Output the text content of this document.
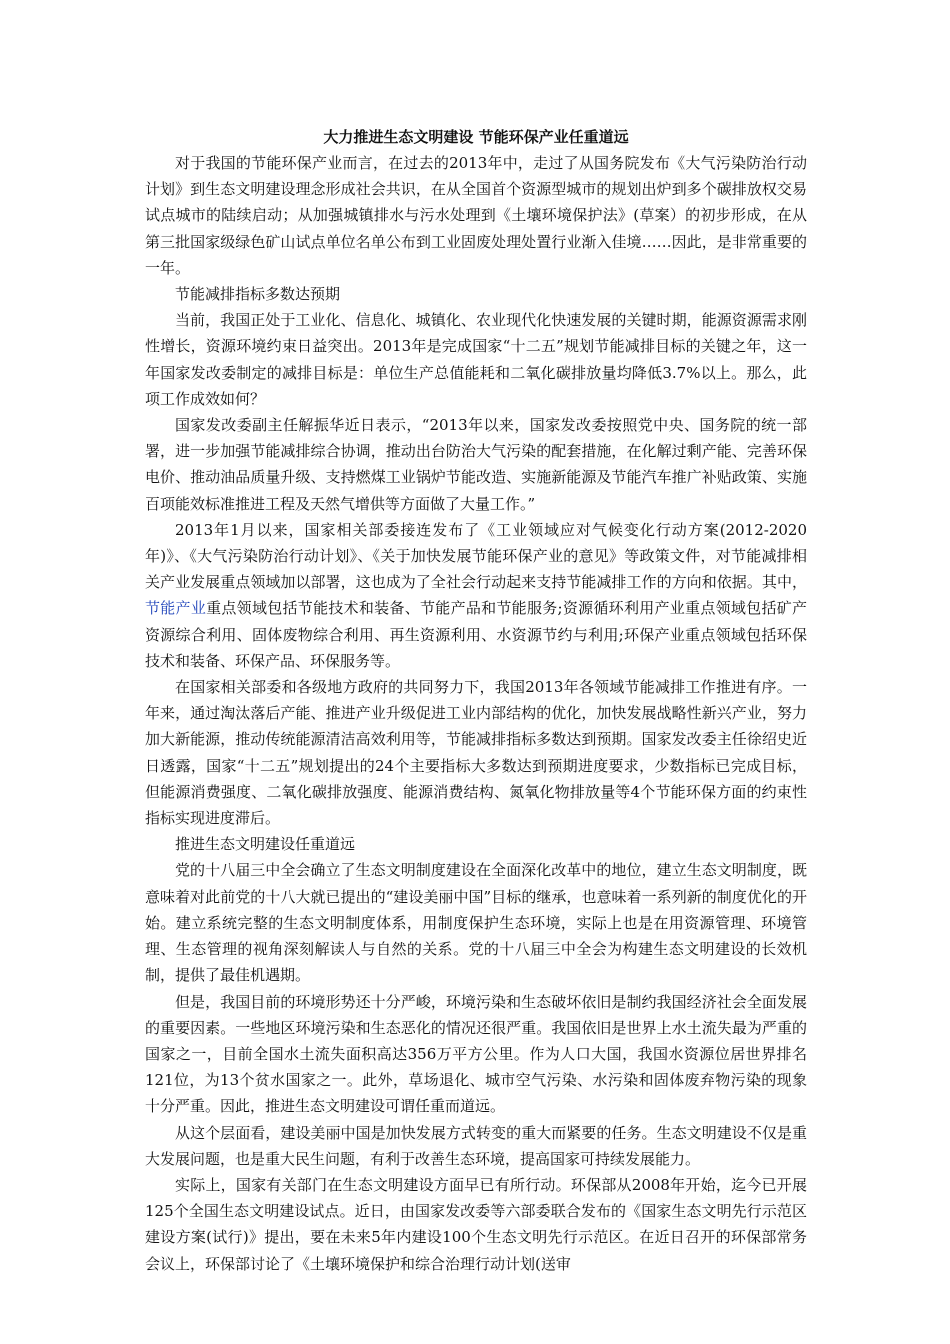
大力推进生态文明建设 节能环保产业任重道远

对于我国的节能环保产业而言，在过去的2013年中，走过了从国务院发布《大气污染防治行动计划》到生态文明建设理念形成社会共识，在从全国首个资源型城市的规划出炉到多个碳排放权交易试点城市的陆续启动；从加强城镇排水与污水处理到《土壤环境保护法》(草案）的初步形成，在从第三批国家级绿色矿山试点单位名单公布到工业固废处理处置行业渐入佳境……因此，是非常重要的一年。

节能减排指标多数达预期

当前，我国正处于工业化、信息化、城镇化、农业现代化快速发展的关键时期，能源资源需求刚性增长，资源环境约束日益突出。2013年是完成国家“十二五”规划节能减排目标的关键之年，这一年国家发改委制定的减排目标是：单位生产总值能耗和二氧化碳排放量均降低3.7%以上。那么，此项工作成效如何？

国家发改委副主任解振华近日表示，“2013年以来，国家发改委按照党中央、国务院的统一部署，进一步加强节能减排综合协调，推动出台防治大气污染的配套措施，在化解过剩产能、完善环保电价、推动油品质量升级、支持燃煤工业锅炉节能改造、实施新能源及节能汽车推广补贴政策、实施百项能效标准推进工程及天然气增供等方面做了大量工作。”

2013年1月以来，国家相关部委接连发布了《工业领域应对气候变化行动方案(2012-2020年)》、《大气污染防治行动计划》、《关于加快发展节能环保产业的意见》等政策文件，对节能减排相关产业发展重点领域加以部署，这也成为了全社会行动起来支持节能减排工作的方向和依据。其中，节能产业重点领域包括节能技术和装备、节能产品和节能服务;资源循环利用产业重点领域包括矿产资源综合利用、固体废物综合利用、再生资源利用、水资源节约与利用;环保产业重点领域包括环保技术和装备、环保产品、环保服务等。

在国家相关部委和各级地方政府的共同努力下，我国2013年各领域节能减排工作推进有序。一年来，通过淘汰落后产能、推进产业升级促进工业内部结构的优化，加快发展战略性新兴产业，努力加大新能源，推动传统能源清洁高效利用等，节能减排指标多数达到预期。国家发改委主任徐绍史近日透露，国家“十二五”规划提出的24个主要指标大多数达到预期进度要求，少数指标已完成目标，但能源消费强度、二氧化碳排放强度、能源消费结构、氮氧化物排放量等4个节能环保方面的约束性指标实现进度滞后。

推进生态文明建设任重道远

党的十八届三中全会确立了生态文明制度建设在全面深化改革中的地位，建立生态文明制度，既意味着对此前党的十八大就已提出的“建设美丽中国”目标的继承，也意味着一系列新的制度优化的开始。建立系统完整的生态文明制度体系，用制度保护生态环境，实际上也是在用资源管理、环境管理、生态管理的视角深刻解读人与自然的关系。党的十八届三中全会为构建生态文明建设的长效机制，提供了最佳机遇期。

但是，我国目前的环境形势还十分严峻，环境污染和生态破坏依旧是制约我国经济社会全面发展的重要因素。一些地区环境污染和生态恶化的情况还很严重。我国依旧是世界上水土流失最为严重的国家之一，目前全国水土流失面积高达356万平方公里。作为人口大国，我国水资源位居世界排名121位，为13个贫水国家之一。此外，草场退化、城市空气污染、水污染和固体废弃物污染的现象十分严重。因此，推进生态文明建设可谓任重而道远。

从这个层面看，建设美丽中国是加快发展方式转变的重大而紧要的任务。生态文明建设不仅是重大发展问题，也是重大民生问题，有利于改善生态环境，提高国家可持续发展能力。

实际上，国家有关部门在生态文明建设方面早已有所行动。环保部从2008年开始，迄今已开展125个全国生态文明建设试点。近日，由国家发改委等六部委联合发布的《国家生态文明先行示范区建设方案(试行)》提出，要在未来5年内建设100个生态文明先行示范区。在近日召开的环保部常务会议上，环保部讨论了《土壤环境保护和综合治理行动计划(送审
